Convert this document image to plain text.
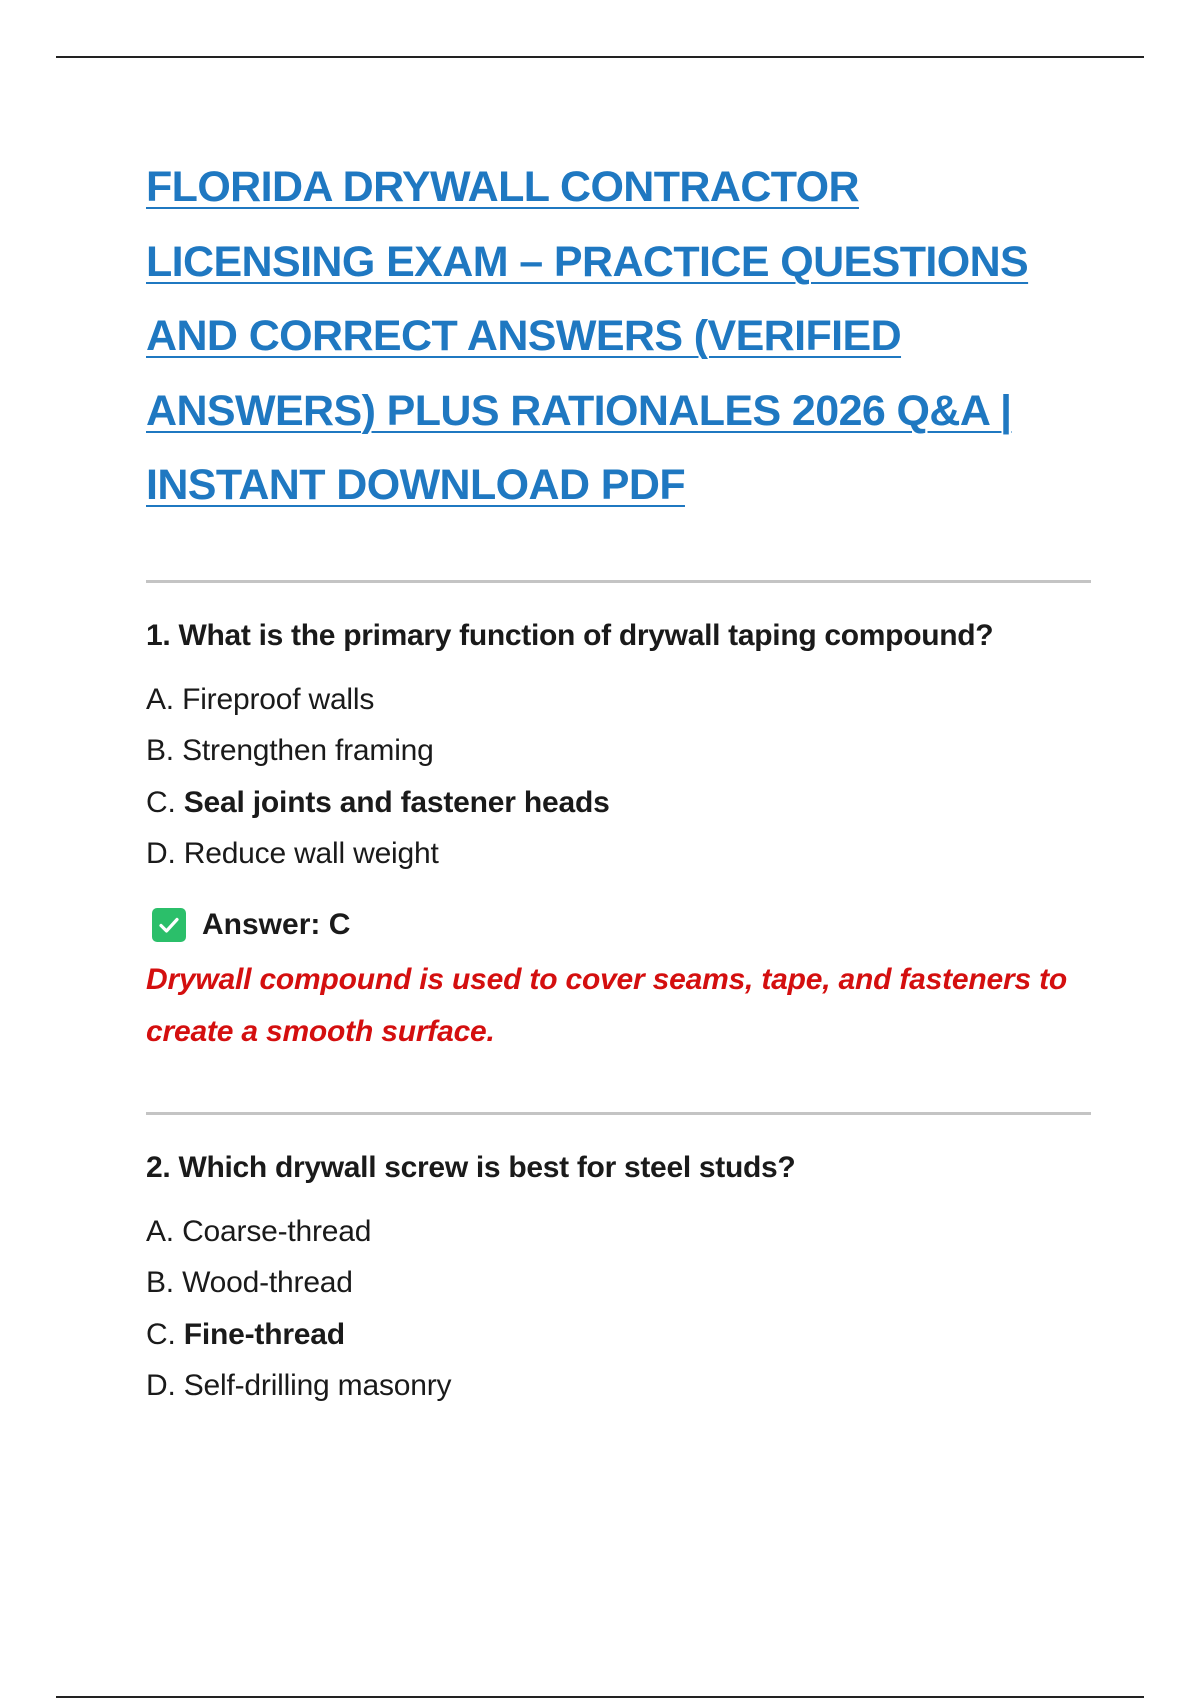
FLORIDA DRYWALL CONTRACTOR LICENSING EXAM – PRACTICE QUESTIONS AND CORRECT ANSWERS (VERIFIED ANSWERS) PLUS RATIONALES 2026 Q&A | INSTANT DOWNLOAD PDF

1. What is the primary function of drywall taping compound?

A. Fireproof walls
B. Strengthen framing
C. Seal joints and fastener heads
D. Reduce wall weight
Answer: C

Drywall compound is used to cover seams, tape, and fasteners to create a smooth surface.

2. Which drywall screw is best for steel studs?

A. Coarse-thread
B. Wood-thread
C. Fine-thread
D. Self-drilling masonry
